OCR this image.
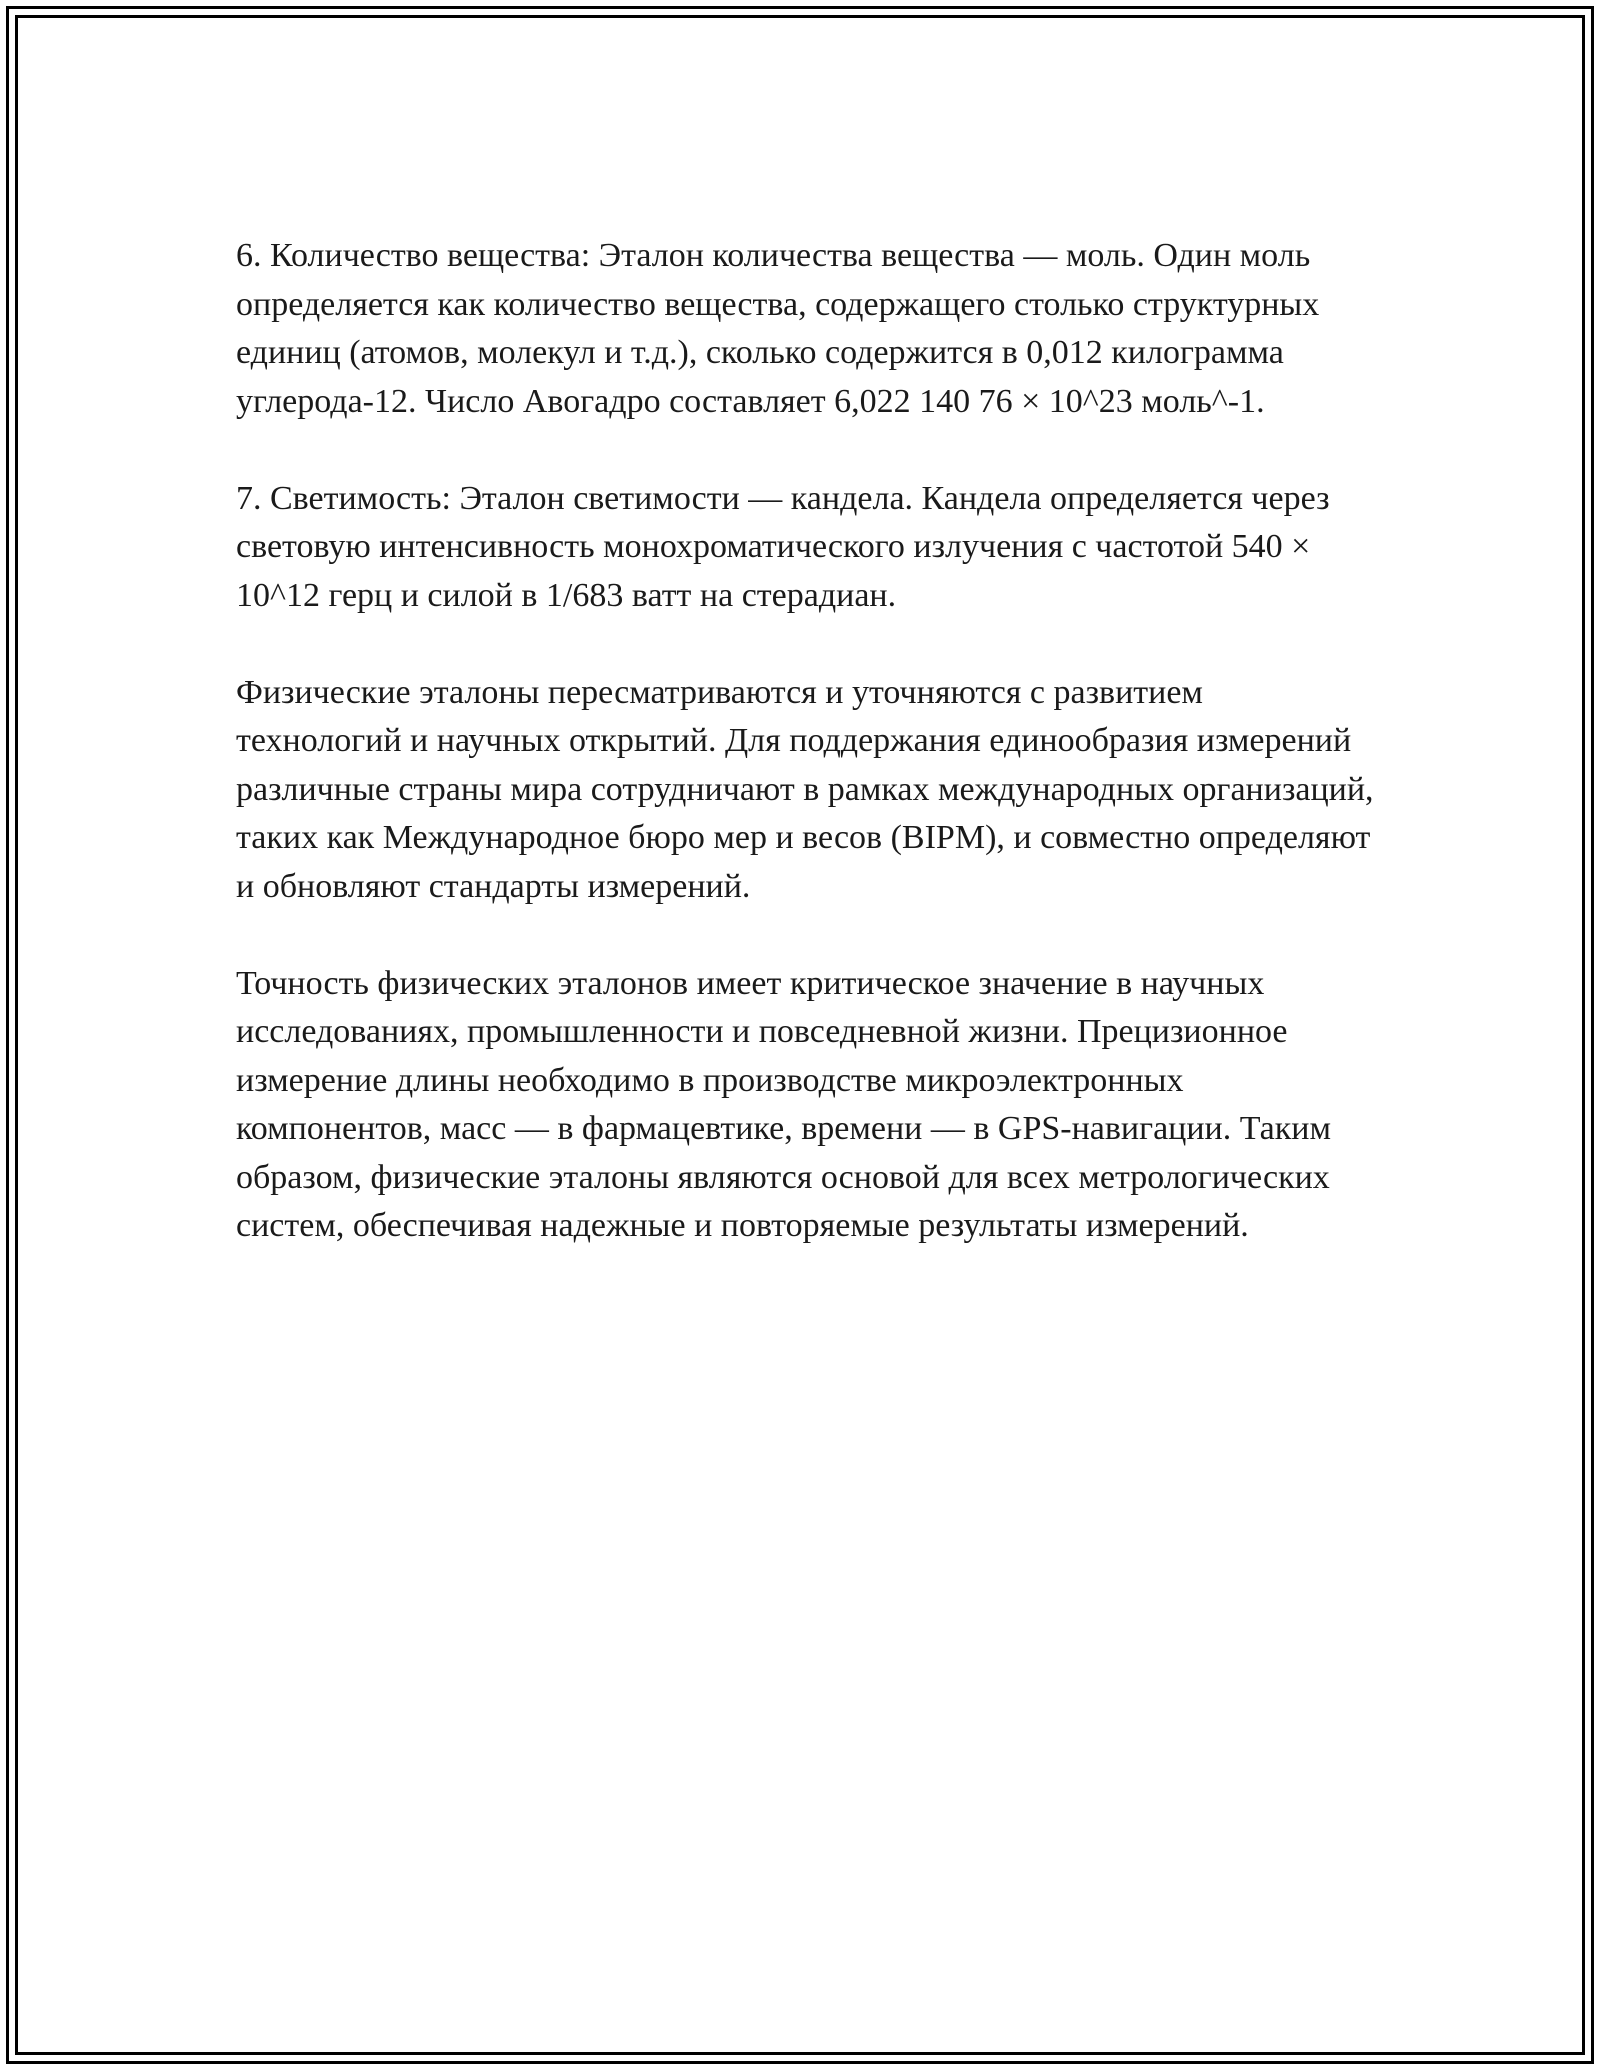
6. Количество вещества: Эталон количества вещества — моль. Один моль определяется как количество вещества, содержащего столько структурных единиц (атомов, молекул и т.д.), сколько содержится в 0,012 килограмма углерода-12. Число Авогадро составляет 6,022 140 76 × 10^23 моль^-1.

7. Светимость: Эталон светимости — кандела. Кандела определяется через световую интенсивность монохроматического излучения с частотой 540 × 10^12 герц и силой в 1/683 ватт на стерадиан.

Физические эталоны пересматриваются и уточняются с развитием технологий и научных открытий. Для поддержания единообразия измерений различные страны мира сотрудничают в рамках международных организаций, таких как Международное бюро мер и весов (BIPM), и совместно определяют и обновляют стандарты измерений.

Точность физических эталонов имеет критическое значение в научных исследованиях, промышленности и повседневной жизни. Прецизионное измерение длины необходимо в производстве микроэлектронных компонентов, масс — в фармацевтике, времени — в GPS-навигации. Таким образом, физические эталоны являются основой для всех метрологических систем, обеспечивая надежные и повторяемые результаты измерений.
